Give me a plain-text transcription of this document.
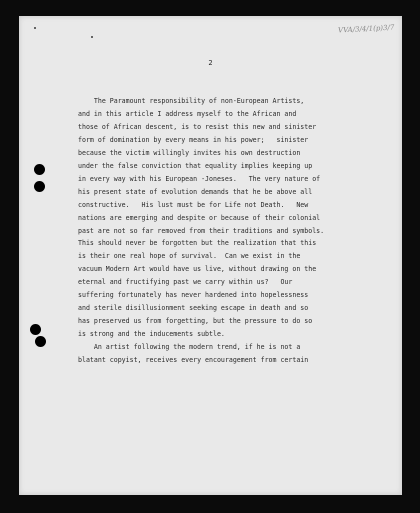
VVA/3/4/1(p)3/7
2
The Paramount responsibility of non-European Artists,
and in this article I address myself to the African and
those of African descent, is to resist this new and sinister
form of domination by every means in his power;   sinister
because the victim willingly invites his own destruction
under the false conviction that equality implies keeping up
in every way with his European -Joneses.   The very nature of
his present state of evolution demands that he be above all
constructive.   His lust must be for Life not Death.   New
nations are emerging and despite or because of their colonial
past are not so far removed from their traditions and symbols.
This should never be forgotten but the realization that this
is their one real hope of survival.  Can we exist in the
vacuum Modern Art would have us live, without drawing on the
eternal and fructifying past we carry within us?   Our
suffering fortunately has never hardened into hopelessness
and sterile disillusionment seeking escape in death and so
has preserved us from forgetting, but the pressure to do so
is strong and the inducements subtle.
An artist following the modern trend, if he is not a
blatant copyist, receives every encouragement from certain
